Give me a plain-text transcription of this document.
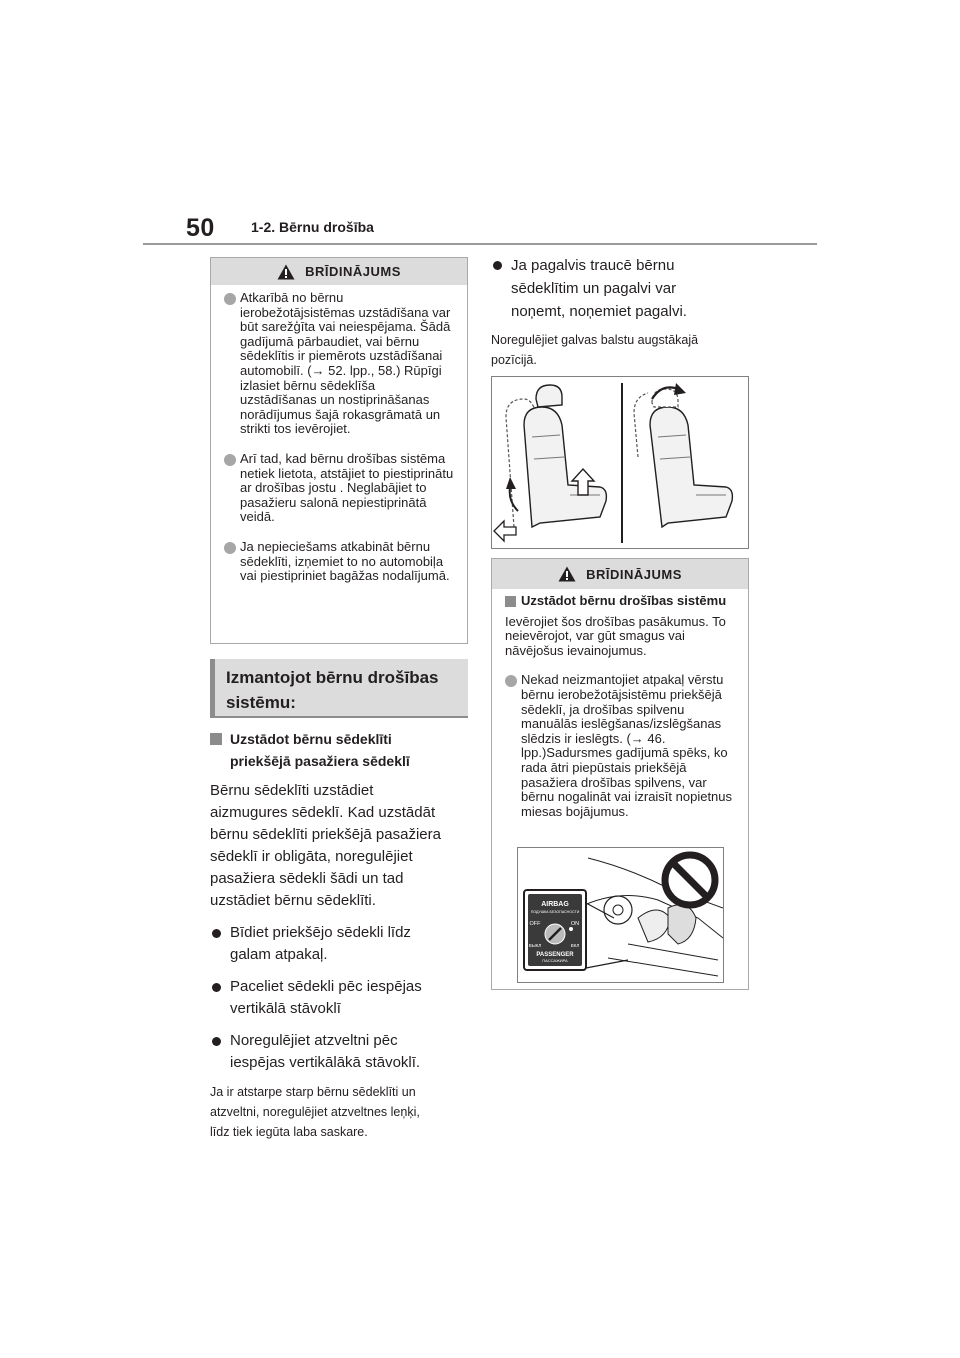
50	1-2. Bērnu drošība
BRĪDINĀJUMS
Atkarībā no bērnu ierobežotājsistēmas uzstādīšana var būt sarežģīta vai neiespējama. Šādā gadījumā pārbaudiet, vai bērnu sēdeklītis ir piemērots uzstādīšanai automobilī. (→ 52. lpp., 58.) Rūpīgi izlasiet bērnu sēdeklīša uzstādīšanas un nostiprināšanas norādījumus šajā rokasgrāmatā un strikti tos ievērojiet.
Arī tad, kad bērnu drošības sistēma netiek lietota, atstājiet to piestiprinātu ar drošības jostu . Neglabājiet to pasažieru salonā nepiestiprinātā veidā.
Ja nepieciešams atkabināt bērnu sēdeklīti, izņemiet to no automobiļa vai piestipriniet bagāžas nodalījumā.
Izmantojot bērnu drošības
sistēmu:
Uzstādot bērnu sēdeklīti
priekšējā pasažiera sēdeklī
Bērnu sēdeklīti uzstādiet
aizmugures sēdeklī. Kad uzstādāt
bērnu sēdeklīti priekšējā pasažiera
sēdeklī ir obligāta, noregulējiet
pasažiera sēdekli šādi un tad
uzstādiet bērnu sēdeklīti.
Bīdiet priekšējo sēdekli līdz
galam atpakaļ.
Paceliet sēdekli pēc iespējas
vertikālā stāvoklī
Noregulējiet atzveltni pēc
iespējas vertikālākā stāvoklī.
Ja ir atstarpe starp bērnu sēdeklīti un
atzveltni, noregulējiet atzveltnes leņķi,
līdz tiek iegūta laba saskare.
Ja pagalvis traucē bērnu
sēdeklītim un pagalvi var
noņemt, noņemiet pagalvi.
Noregulējiet galvas balstu augstākajā
pozīcijā.
BRĪDINĀJUMS
Uzstādot bērnu drošības sistēmu
Ievērojiet šos drošības pasākumus. To neievērojot, var gūt smagus vai nāvējošus ievainojumus.
Nekad neizmantojiet atpakaļ vērstu bērnu ierobežotājsistēmu priekšējā sēdeklī, ja drošības spilvenu manuālās ieslēgšanas/izslēgšanas slēdzis ir ieslēgts. (→ 46. lpp.)Sadursmes gadījumā spēks, ko rada ātri piepūstais priekšējā pasažiera drošības spilvens, var bērnu nogalināt vai izraisīt nopietnus miesas bojājumus.
AIRBAG
ПОДУШКА БЕЗОПАСНОСТИ
OFF	ON
ВЫКЛ	ВКЛ
PASSENGER
ПАССАЖИРА
